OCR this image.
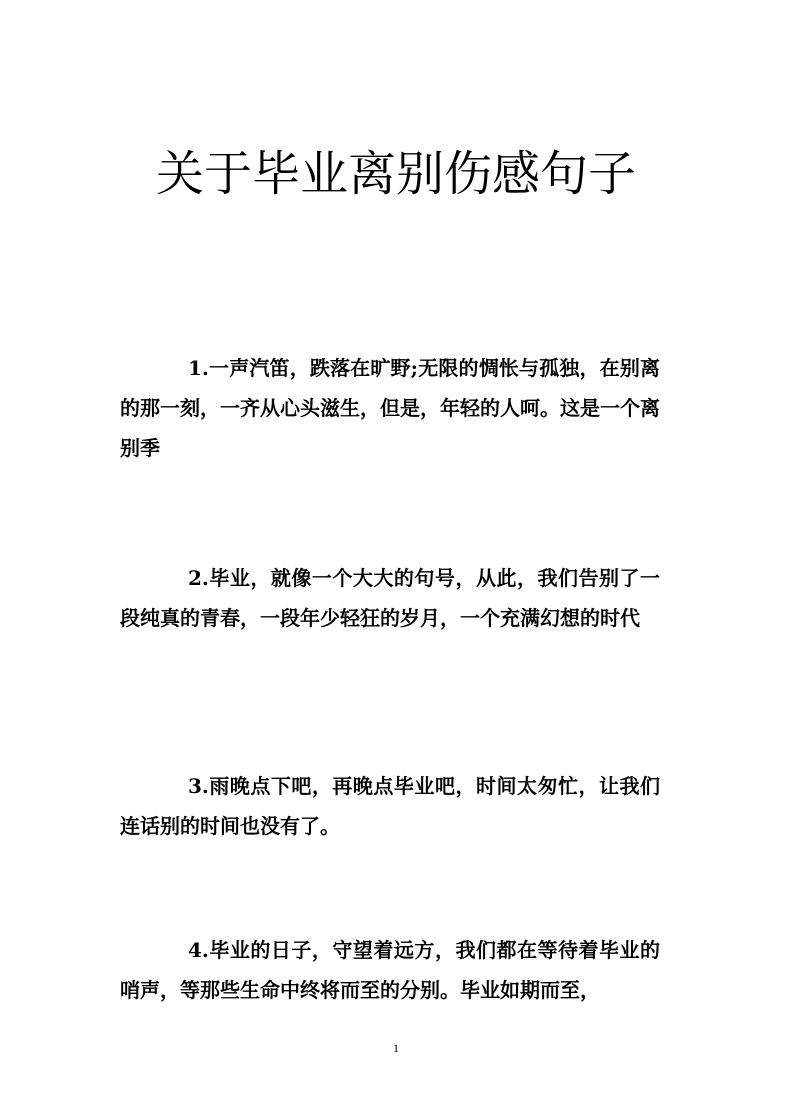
关于毕业离别伤感句子

1.一声汽笛，跌落在旷野;无限的惆怅与孤独，在别离的那一刻，一齐从心头滋生，但是，年轻的人呵。这是一个离别季

2.毕业，就像一个大大的句号，从此，我们告别了一段纯真的青春，一段年少轻狂的岁月，一个充满幻想的时代

3.雨晚点下吧，再晚点毕业吧，时间太匆忙，让我们连话别的时间也没有了。

4.毕业的日子，守望着远方，我们都在等待着毕业的哨声，等那些生命中终将而至的分别。毕业如期而至，

1
